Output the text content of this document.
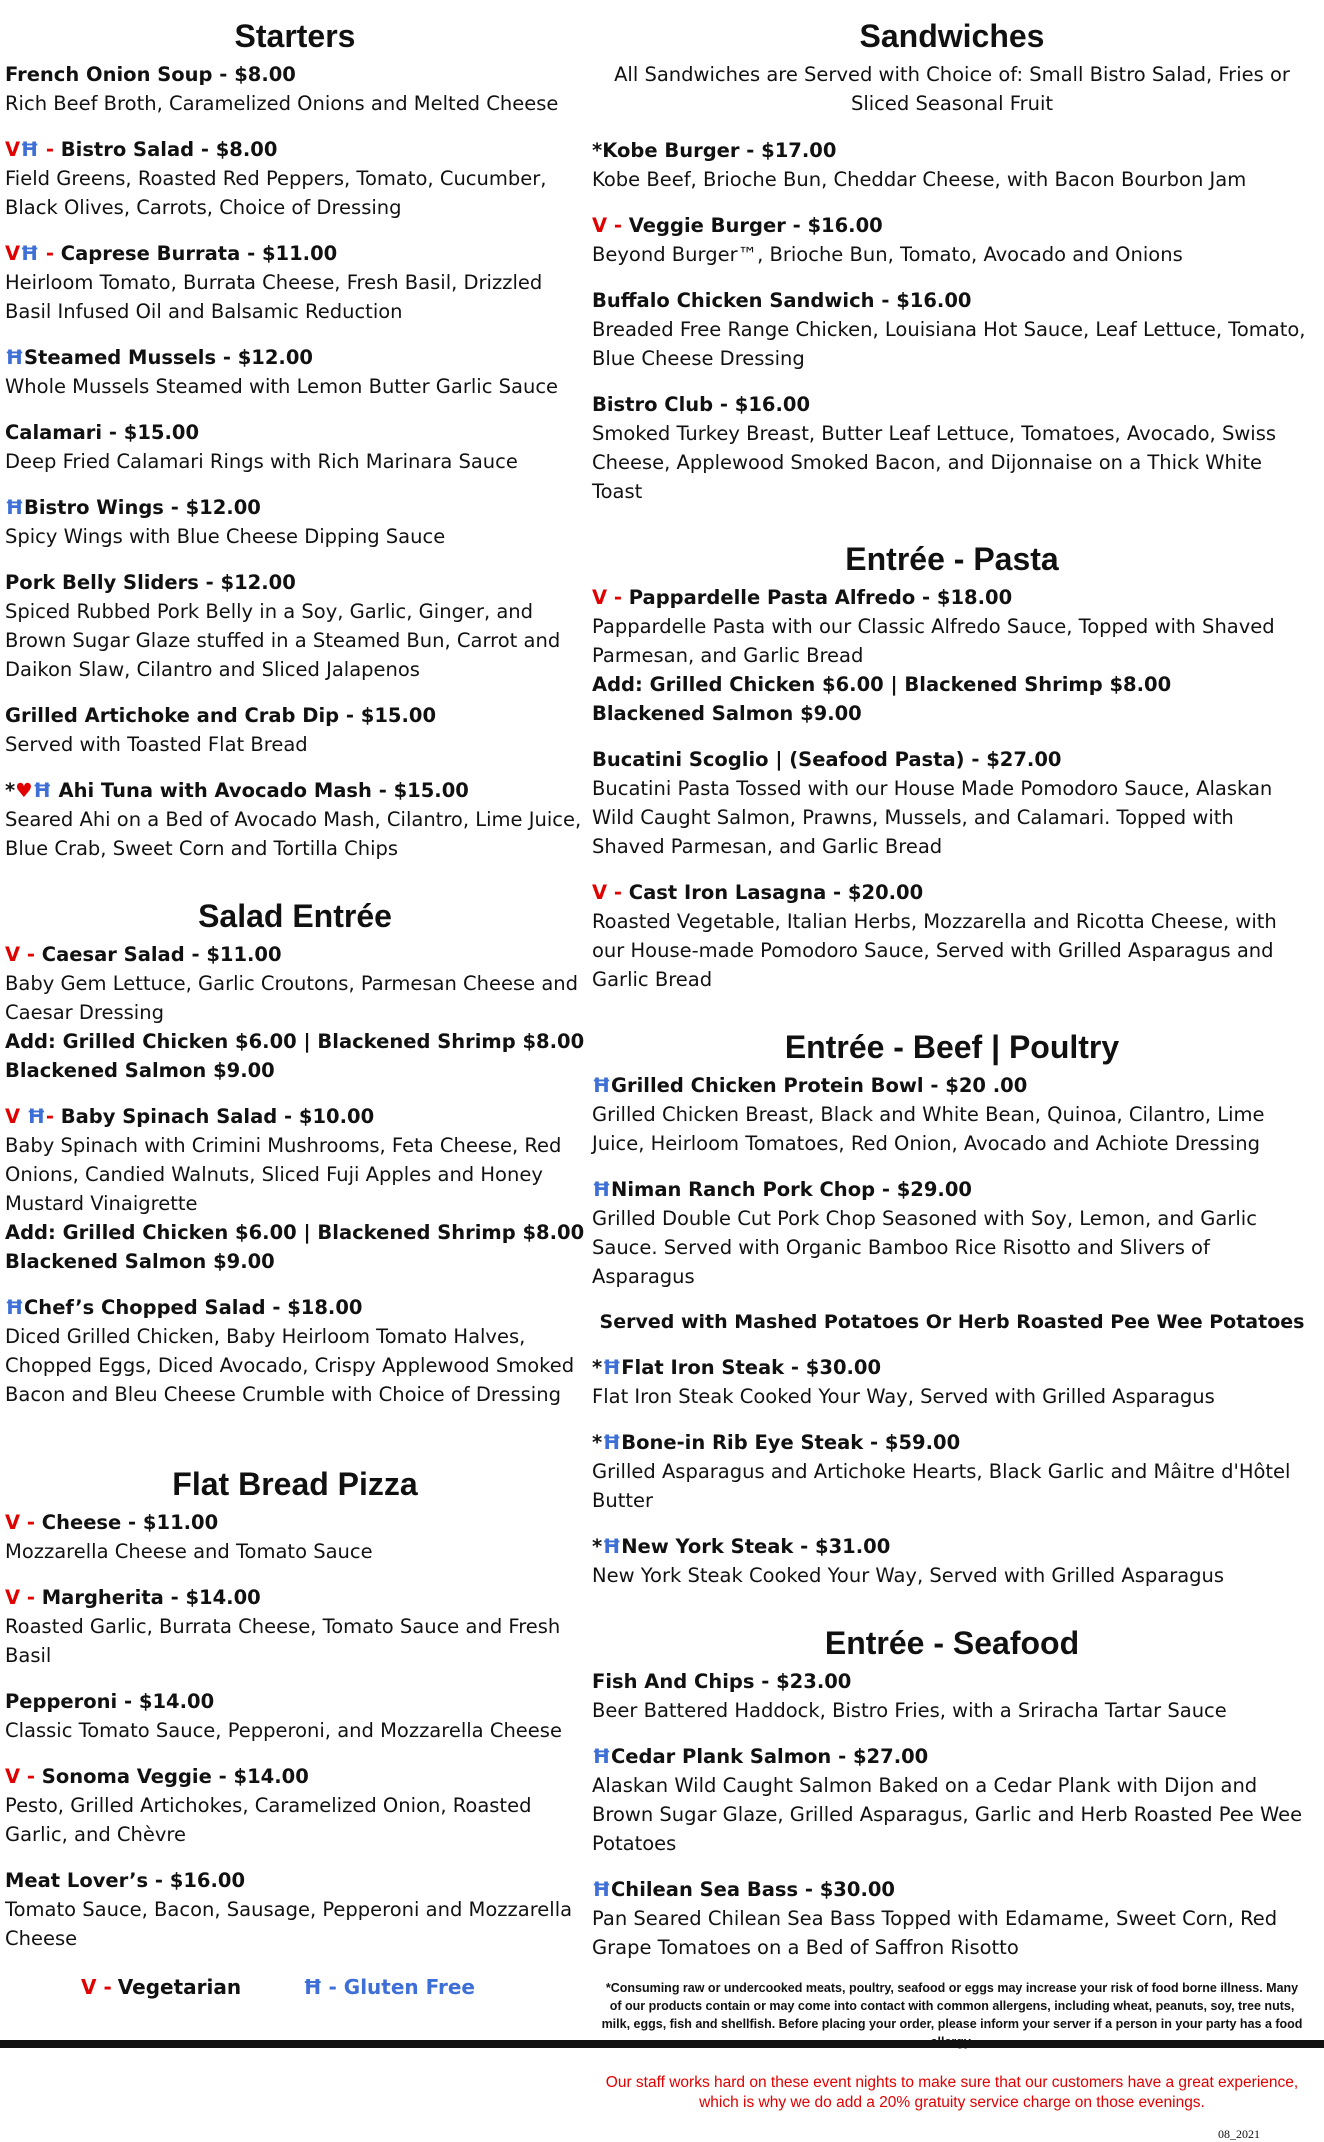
Starters
French Onion Soup - $8.00
Rich Beef Broth, Caramelized Onions and Melted Cheese
VĦ - Bistro Salad - $8.00
Field Greens, Roasted Red Peppers, Tomato, Cucumber, Black Olives, Carrots, Choice of Dressing
VĦ - Caprese Burrata - $11.00
Heirloom Tomato, Burrata Cheese, Fresh Basil, Drizzled Basil Infused Oil and Balsamic Reduction
ĦSteamed Mussels - $12.00
Whole Mussels Steamed with Lemon Butter Garlic Sauce
Calamari - $15.00
Deep Fried Calamari Rings with Rich Marinara Sauce
ĦBistro Wings - $12.00
Spicy Wings with Blue Cheese Dipping Sauce
Pork Belly Sliders - $12.00
Spiced Rubbed Pork Belly in a Soy, Garlic, Ginger, and Brown Sugar Glaze stuffed in a Steamed Bun, Carrot and Daikon Slaw, Cilantro and Sliced Jalapenos
Grilled Artichoke and Crab Dip - $15.00
Served with Toasted Flat Bread
*♥Ħ Ahi Tuna with Avocado Mash - $15.00
Seared Ahi on a Bed of Avocado Mash, Cilantro, Lime Juice, Blue Crab, Sweet Corn and Tortilla Chips
Salad Entrée
V - Caesar Salad - $11.00
Baby Gem Lettuce, Garlic Croutons, Parmesan Cheese and Caesar Dressing
Add: Grilled Chicken $6.00 | Blackened Shrimp $8.00
Blackened Salmon $9.00
V Ħ- Baby Spinach Salad - $10.00
Baby Spinach with Crimini Mushrooms, Feta Cheese, Red Onions, Candied Walnuts, Sliced Fuji Apples and Honey Mustard Vinaigrette
Add: Grilled Chicken $6.00 | Blackened Shrimp $8.00
Blackened Salmon $9.00
ĦChef’s Chopped Salad - $18.00
Diced Grilled Chicken, Baby Heirloom Tomato Halves, Chopped Eggs, Diced Avocado, Crispy Applewood Smoked Bacon and Bleu Cheese Crumble with Choice of Dressing
Flat Bread Pizza
V - Cheese - $11.00
Mozzarella Cheese and Tomato Sauce
V - Margherita - $14.00
Roasted Garlic, Burrata Cheese, Tomato Sauce and Fresh Basil
Pepperoni - $14.00
Classic Tomato Sauce, Pepperoni, and Mozzarella Cheese
V - Sonoma Veggie - $14.00
Pesto, Grilled Artichokes, Caramelized Onion, Roasted Garlic, and Chèvre
Meat Lover’s - $16.00
Tomato Sauce, Bacon, Sausage, Pepperoni and Mozzarella Cheese
V - Vegetarian	Ħ - Gluten Free
Sandwiches
All Sandwiches are Served with Choice of: Small Bistro Salad, Fries or Sliced Seasonal Fruit
*Kobe Burger - $17.00
Kobe Beef, Brioche Bun, Cheddar Cheese, with Bacon Bourbon Jam
V - Veggie Burger - $16.00
Beyond Burger™, Brioche Bun, Tomato, Avocado and Onions
Buffalo Chicken Sandwich - $16.00
Breaded Free Range Chicken, Louisiana Hot Sauce, Leaf Lettuce, Tomato, Blue Cheese Dressing
Bistro Club - $16.00
Smoked Turkey Breast, Butter Leaf Lettuce, Tomatoes, Avocado, Swiss Cheese, Applewood Smoked Bacon, and Dijonnaise on a Thick White Toast
Entrée - Pasta
V - Pappardelle Pasta Alfredo - $18.00
Pappardelle Pasta with our Classic Alfredo Sauce, Topped with Shaved Parmesan, and Garlic Bread
Add: Grilled Chicken $6.00 | Blackened Shrimp $8.00
Blackened Salmon $9.00
Bucatini Scoglio | (Seafood Pasta) - $27.00
Bucatini Pasta Tossed with our House Made Pomodoro Sauce, Alaskan Wild Caught Salmon, Prawns, Mussels, and Calamari. Topped with Shaved Parmesan, and Garlic Bread
V - Cast Iron Lasagna - $20.00
Roasted Vegetable, Italian Herbs, Mozzarella and Ricotta Cheese, with our House-made Pomodoro Sauce, Served with Grilled Asparagus and Garlic Bread
Entrée - Beef | Poultry
ĦGrilled Chicken Protein Bowl - $20 .00
Grilled Chicken Breast, Black and White Bean, Quinoa, Cilantro, Lime Juice, Heirloom Tomatoes, Red Onion, Avocado and Achiote Dressing
ĦNiman Ranch Pork Chop - $29.00
Grilled Double Cut Pork Chop Seasoned with Soy, Lemon, and Garlic Sauce. Served with Organic Bamboo Rice Risotto and Slivers of Asparagus
Served with Mashed Potatoes Or Herb Roasted Pee Wee Potatoes
*ĦFlat Iron Steak - $30.00
Flat Iron Steak Cooked Your Way, Served with Grilled Asparagus
*ĦBone-in Rib Eye Steak - $59.00
Grilled Asparagus and Artichoke Hearts, Black Garlic and Mâitre d'Hôtel Butter
*ĦNew York Steak - $31.00
New York Steak Cooked Your Way, Served with Grilled Asparagus
Entrée - Seafood
Fish And Chips - $23.00
Beer Battered Haddock, Bistro Fries, with a Sriracha Tartar Sauce
ĦCedar Plank Salmon - $27.00
Alaskan Wild Caught Salmon Baked on a Cedar Plank with Dijon and Brown Sugar Glaze, Grilled Asparagus, Garlic and Herb Roasted Pee Wee Potatoes
ĦChilean Sea Bass - $30.00
Pan Seared Chilean Sea Bass Topped with Edamame, Sweet Corn, Red Grape Tomatoes on a Bed of Saffron Risotto
*Consuming raw or undercooked meats, poultry, seafood or eggs may increase your risk of food borne illness. Many of our products contain or may come into contact with common allergens, including wheat, peanuts, soy, tree nuts, milk, eggs, fish and shellfish. Before placing your order, please inform your server if a person in your party has a food
Our staff works hard on these event nights to make sure that our customers have a great experience, which is why we do add a 20% gratuity service charge on those evenings.
08_2021
